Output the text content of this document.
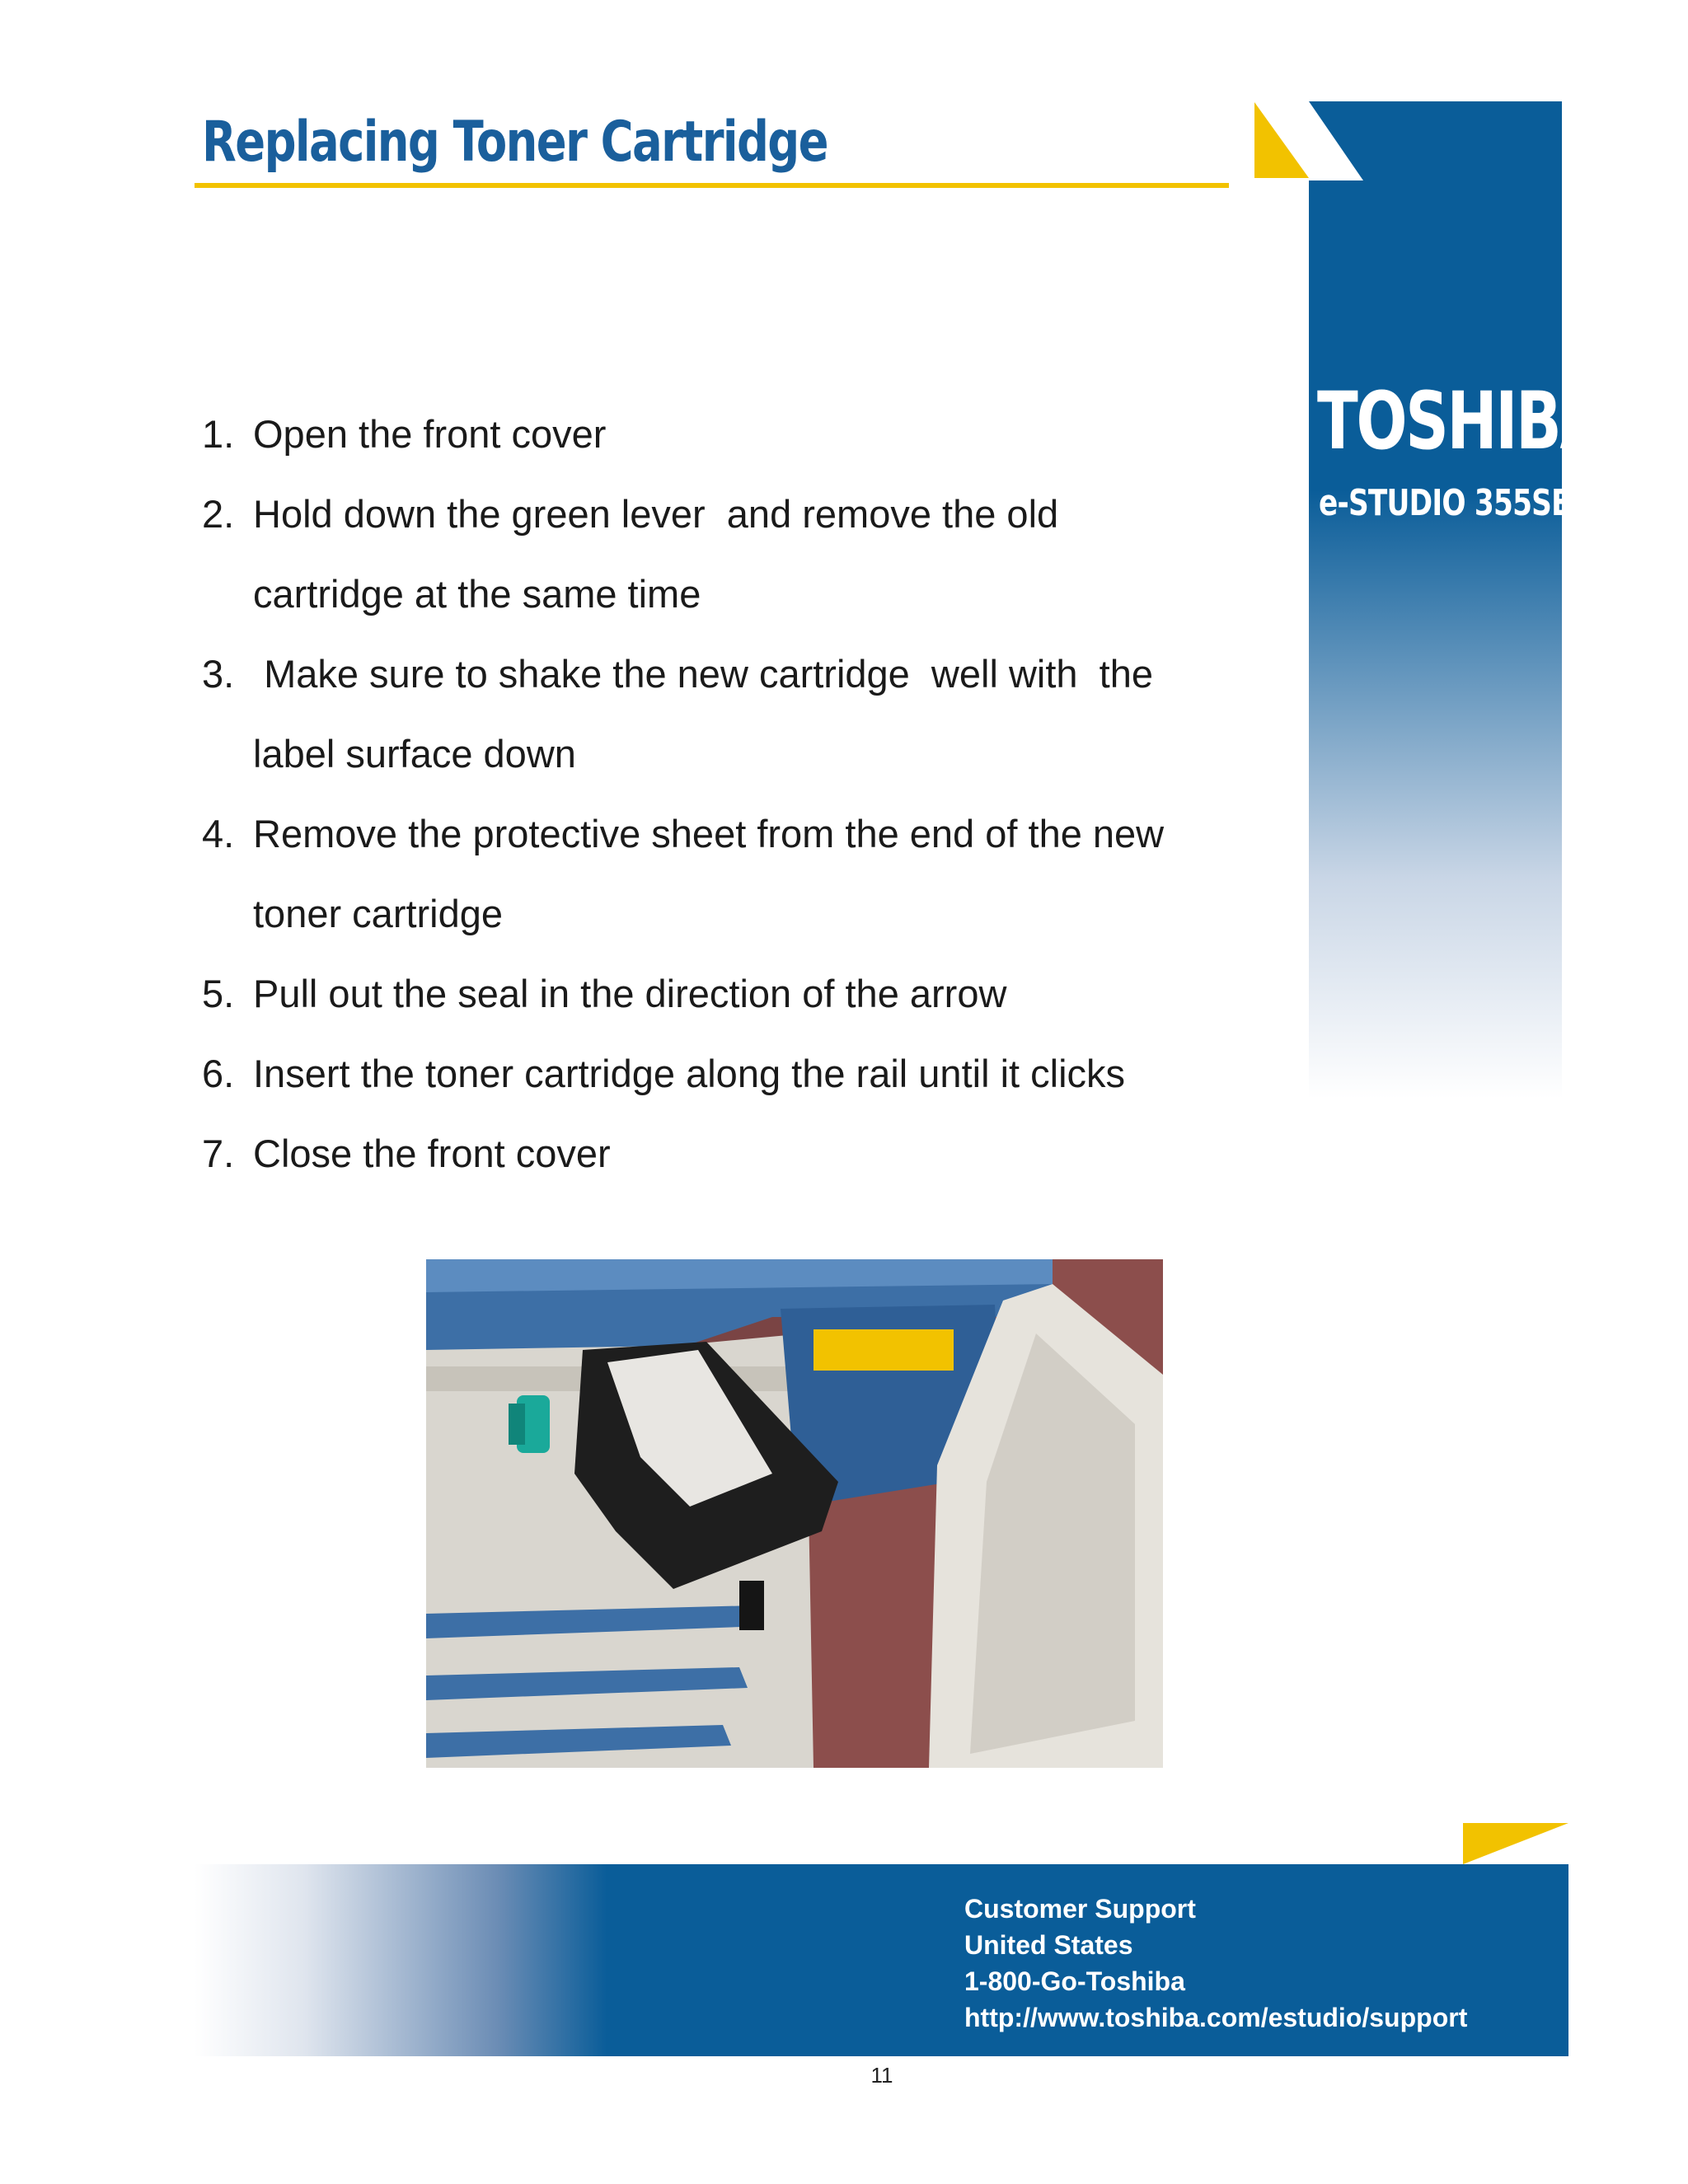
Replacing Toner Cartridge
TOSHIBA
e-STUDIO 355SE
1. Open the front cover
2. Hold down the green lever  and remove the old
cartridge at the same time
3. Make sure to shake the new cartridge  well with  the
label surface down
4. Remove the protective sheet from the end of the new
toner cartridge
5. Pull out the seal in the direction of the arrow
6. Insert the toner cartridge along the rail until it clicks
7. Close the front cover
Customer Support
United States
1-800-Go-Toshiba
http://www.toshiba.com/estudio/support
11
